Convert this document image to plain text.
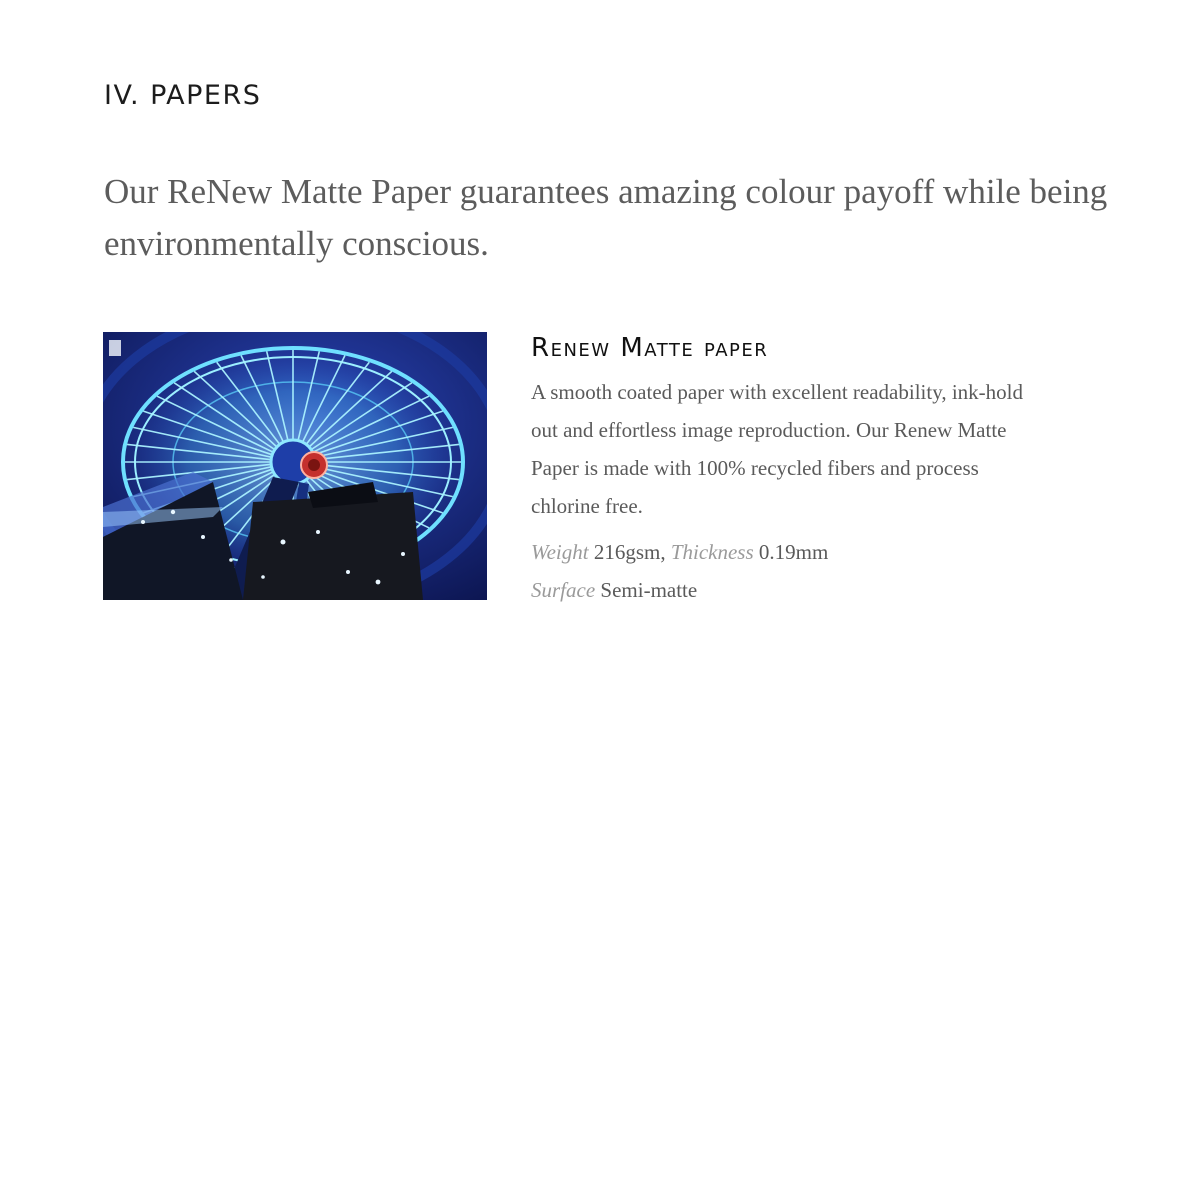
IV. PAPERS

Our ReNew Matte Paper guarantees amazing colour payoff while being environmentally conscious.

Renew Matte paper

A smooth coated paper with excellent readability, ink-hold out and effortless image reproduction. Our Renew Matte Paper is made with 100% recycled fibers and process chlorine free.

Weight 216gsm, Thickness 0.19mm
Surface Semi-matte
